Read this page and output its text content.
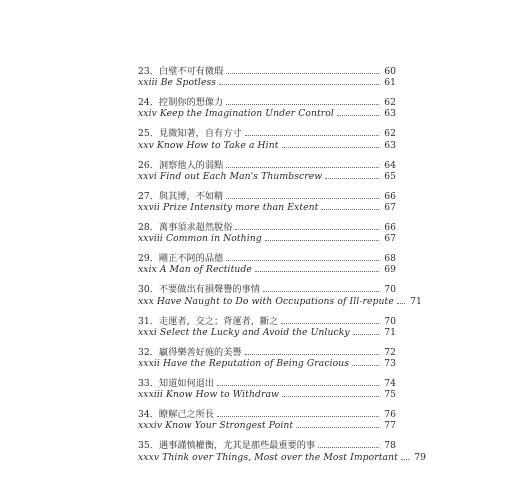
23．白璧不可有微瑕	60
xxiii Be Spotless	61
24．控制你的想像力	62
xxiv Keep the Imagination Under Control	63
25．見微知著，自有方寸	62
xxv Know How to Take a Hint	63
26．洞察他人的弱點	64
xxvi Find out Each Man's Thumbscrew	65
27．與其博，不如精	66
xxvii Prize Intensity more than Extent	67
28．萬事須求超然脫俗	66
xxviii Common in Nothing	67
29．剛正不阿的品德	68
xxix A Man of Rectitude	69
30．不要做出有損聲譽的事情	70
xxx Have Naught to Do with Occupations of Ill-repute 71
31．走運者，交之；背運者，斷之	70
xxxi Select the Lucky and Avoid the Unlucky	71
32．贏得樂善好施的美譽	72
xxxii Have the Reputation of Being Gracious	73
33．知道如何退出	74
xxxiii Know How to Withdraw	75
34．瞭解己之所長	76
xxxiv Know Your Strongest Point	77
35．遇事謹慎權衡，尤其是那些最重要的事	78
xxxv Think over Things, Most over the Most Important 79
